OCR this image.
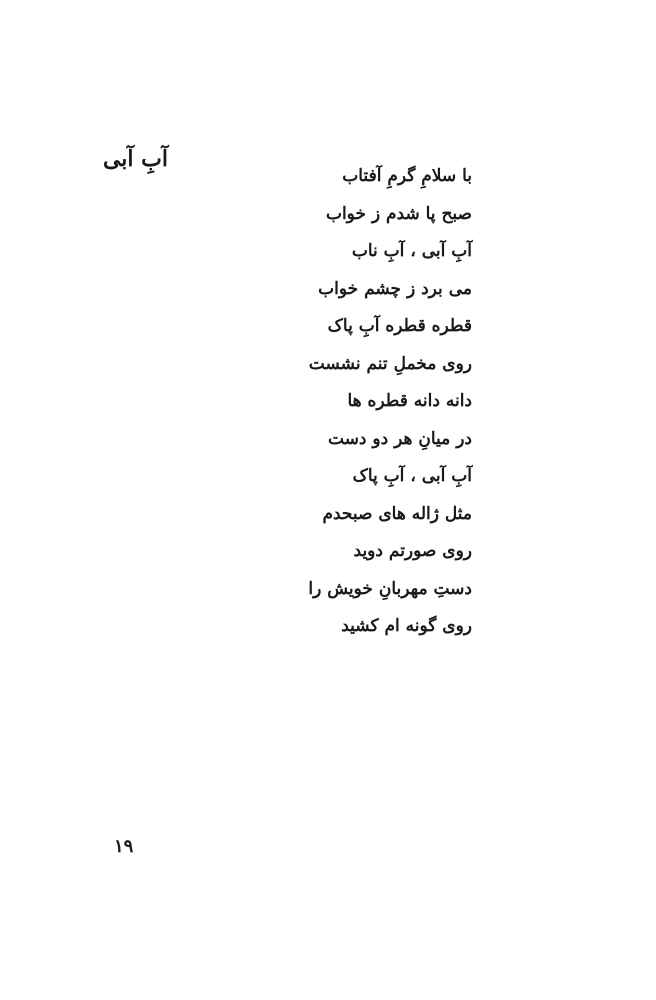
آبِ آبی
با سلامِ گرمِ آفتاب
صبح پا شدم ز خواب
آبِ آبی ، آبِ ناب
می برد ز چشم خواب
قطره قطره آبِ پاک
روی مخملِ تنم نشست
دانه دانه قطره ها
در میانِ هر دو دست
آبِ آبی ، آبِ پاک
مثل ژاله های صبحدم
روی صورتم دوید
دستِ مهربانِ خویش را
روی گونه ام کشید
۱۹
